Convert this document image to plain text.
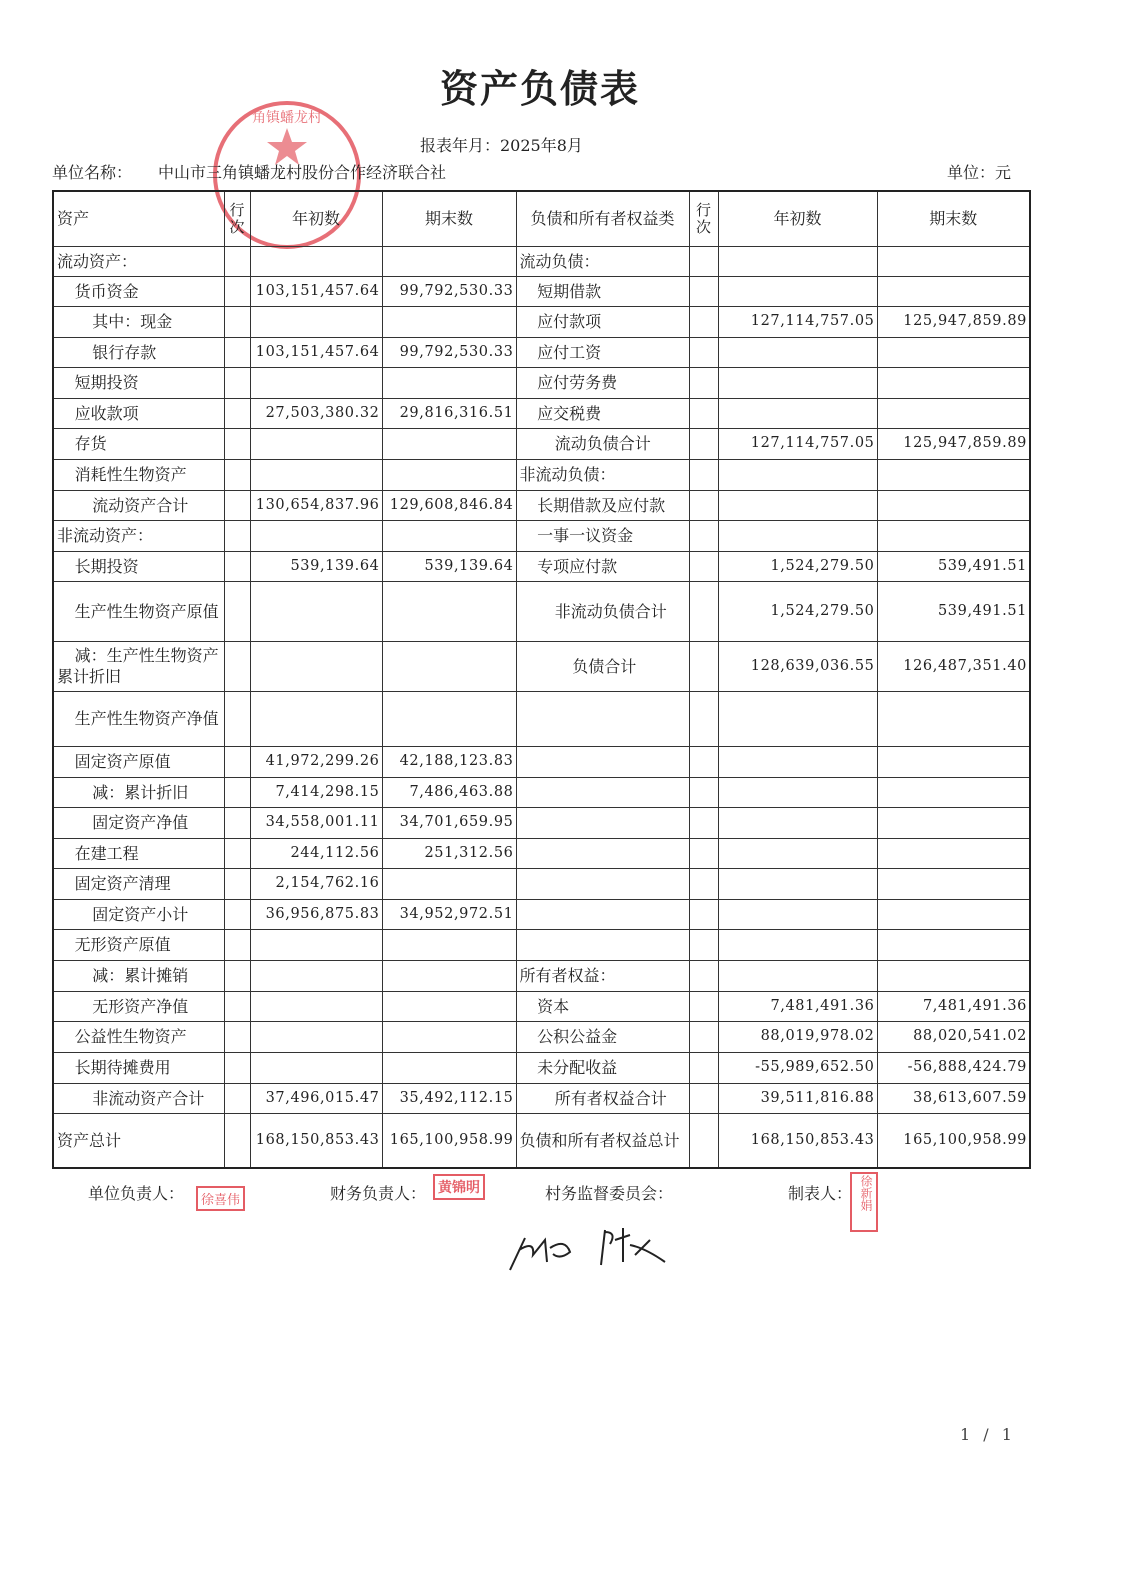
角镇蟠龙村
资产负债表
报表年月：2025年8月
单位名称： 中山市三角镇蟠龙村股份合作经济联合社	单位：元
资产	行次	年初数	期末数	负债和所有者权益类	行次	年初数	期末数
流动资产：				流动负债：			
货币资金		103,151,457.64	99,792,530.33	短期借款			
其中：现金				应付款项		127,114,757.05	125,947,859.89
银行存款		103,151,457.64	99,792,530.33	应付工资			
短期投资				应付劳务费			
应收款项		27,503,380.32	29,816,316.51	应交税费			
存货				流动负债合计		127,114,757.05	125,947,859.89
消耗性生物资产				非流动负债：			
流动资产合计		130,654,837.96	129,608,846.84	长期借款及应付款			
非流动资产：				一事一议资金			
长期投资		539,139.64	539,139.64	专项应付款		1,524,279.50	539,491.51
生产性生物资产原值				非流动负债合计		1,524,279.50	539,491.51
减：生产性生物资产累计折旧				负债合计		128,639,036.55	126,487,351.40
生产性生物资产净值							
固定资产原值		41,972,299.26	42,188,123.83				
减：累计折旧		7,414,298.15	7,486,463.88				
固定资产净值		34,558,001.11	34,701,659.95				
在建工程		244,112.56	251,312.56				
固定资产清理		2,154,762.16					
固定资产小计		36,956,875.83	34,952,972.51				
无形资产原值							
减：累计摊销				所有者权益：			
无形资产净值				资本		7,481,491.36	7,481,491.36
公益性生物资产				公积公益金		88,019,978.02	88,020,541.02
长期待摊费用				未分配收益		-55,989,652.50	-56,888,424.79
非流动资产合计		37,496,015.47	35,492,112.15	所有者权益合计		39,511,816.88	38,613,607.59
资产总计		168,150,853.43	165,100,958.99	负债和所有者权益总计		168,150,853.43	165,100,958.99
单位负责人：	徐喜伟	财务负责人： 黄锦明	村务监督委员会：	制表人： 徐新娟
1 / 1
